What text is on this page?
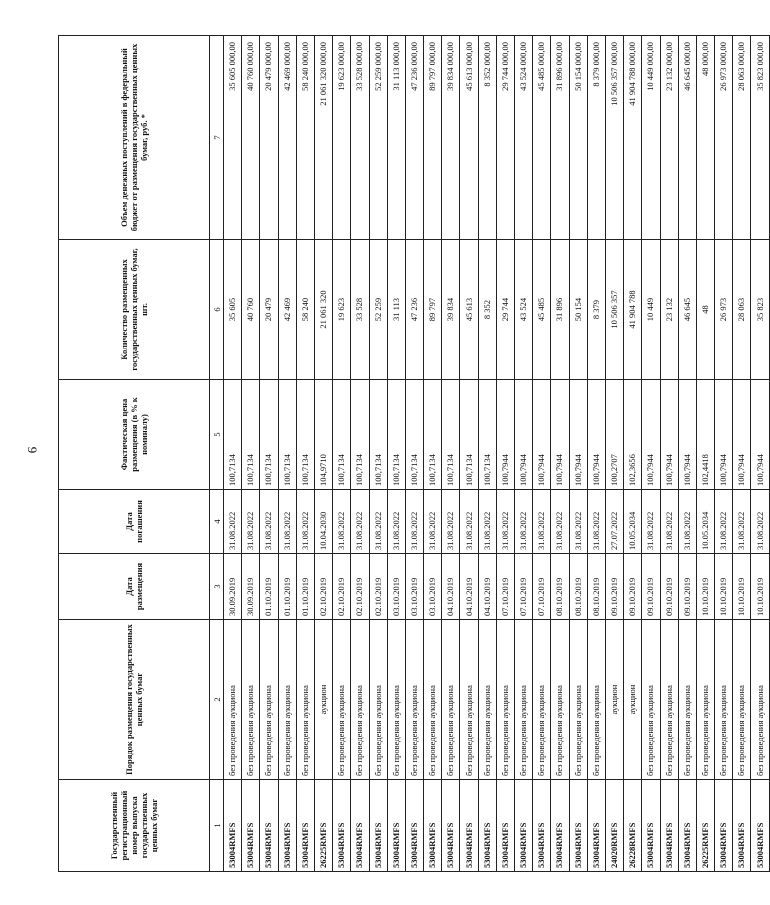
9
Государственный регистрационный номер выпуска государственных ценных бумаг	Порядок размещения государственных ценных бумаг	Дата размещения	Дата погашения	Фактическая цена размещения (в % к номиналу)	Количество размещенных государственных ценных бумаг, шт.	Объем денежных поступлений в федеральный бюджет от размещения государственных ценных бумаг, руб. *
1	2	3	4	5	6	7
53004RMFS	без проведения аукциона	30.09.2019	31.08.2022	100,7134	35 605	35 605 000,00
53004RMFS	без проведения аукциона	30.09.2019	31.08.2022	100,7134	40 760	40 760 000,00
53004RMFS	без проведения аукциона	01.10.2019	31.08.2022	100,7134	20 479	20 479 000,00
53004RMFS	без проведения аукциона	01.10.2019	31.08.2022	100,7134	42 469	42 469 000,00
53004RMFS	без проведения аукциона	01.10.2019	31.08.2022	100,7134	58 240	58 240 000,00
26225RMFS	аукцион	02.10.2019	10.04.2030	104,9710	21 061 320	21 061 320 000,00
53004RMFS	без проведения аукциона	02.10.2019	31.08.2022	100,7134	19 623	19 623 000,00
53004RMFS	без проведения аукциона	02.10.2019	31.08.2022	100,7134	33 528	33 528 000,00
53004RMFS	без проведения аукциона	02.10.2019	31.08.2022	100,7134	52 259	52 259 000,00
53004RMFS	без проведения аукциона	03.10.2019	31.08.2022	100,7134	31 113	31 113 000,00
53004RMFS	без проведения аукциона	03.10.2019	31.08.2022	100,7134	47 236	47 236 000,00
53004RMFS	без проведения аукциона	03.10.2019	31.08.2022	100,7134	89 797	89 797 000,00
53004RMFS	без проведения аукциона	04.10.2019	31.08.2022	100,7134	39 834	39 834 000,00
53004RMFS	без проведения аукциона	04.10.2019	31.08.2022	100,7134	45 613	45 613 000,00
53004RMFS	без проведения аукциона	04.10.2019	31.08.2022	100,7134	8 352	8 352 000,00
53004RMFS	без проведения аукциона	07.10.2019	31.08.2022	100,7944	29 744	29 744 000,00
53004RMFS	без проведения аукциона	07.10.2019	31.08.2022	100,7944	43 524	43 524 000,00
53004RMFS	без проведения аукциона	07.10.2019	31.08.2022	100,7944	45 485	45 485 000,00
53004RMFS	без проведения аукциона	08.10.2019	31.08.2022	100,7944	31 896	31 896 000,00
53004RMFS	без проведения аукциона	08.10.2019	31.08.2022	100,7944	50 154	50 154 000,00
53004RMFS	без проведения аукциона	08.10.2019	31.08.2022	100,7944	8 379	8 379 000,00
24020RMFS	аукцион	09.10.2019	27.07.2022	100,2707	10 506 357	10 506 357 000,00
26228RMFS	аукцион	09.10.2019	10.05.2034	102,3656	41 904 788	41 904 788 000,00
53004RMFS	без проведения аукциона	09.10.2019	31.08.2022	100,7944	10 449	10 449 000,00
53004RMFS	без проведения аукциона	09.10.2019	31.08.2022	100,7944	23 132	23 132 000,00
53004RMFS	без проведения аукциона	09.10.2019	31.08.2022	100,7944	46 645	46 645 000,00
26225RMFS	без проведения аукциона	10.10.2019	10.05.2034	102,4418	48	48 000,00
53004RMFS	без проведения аукциона	10.10.2019	31.08.2022	100,7944	26 973	26 973 000,00
53004RMFS	без проведения аукциона	10.10.2019	31.08.2022	100,7944	28 063	28 063 000,00
53004RMFS	без проведения аукциона	10.10.2019	31.08.2022	100,7944	35 823	35 823 000,00
